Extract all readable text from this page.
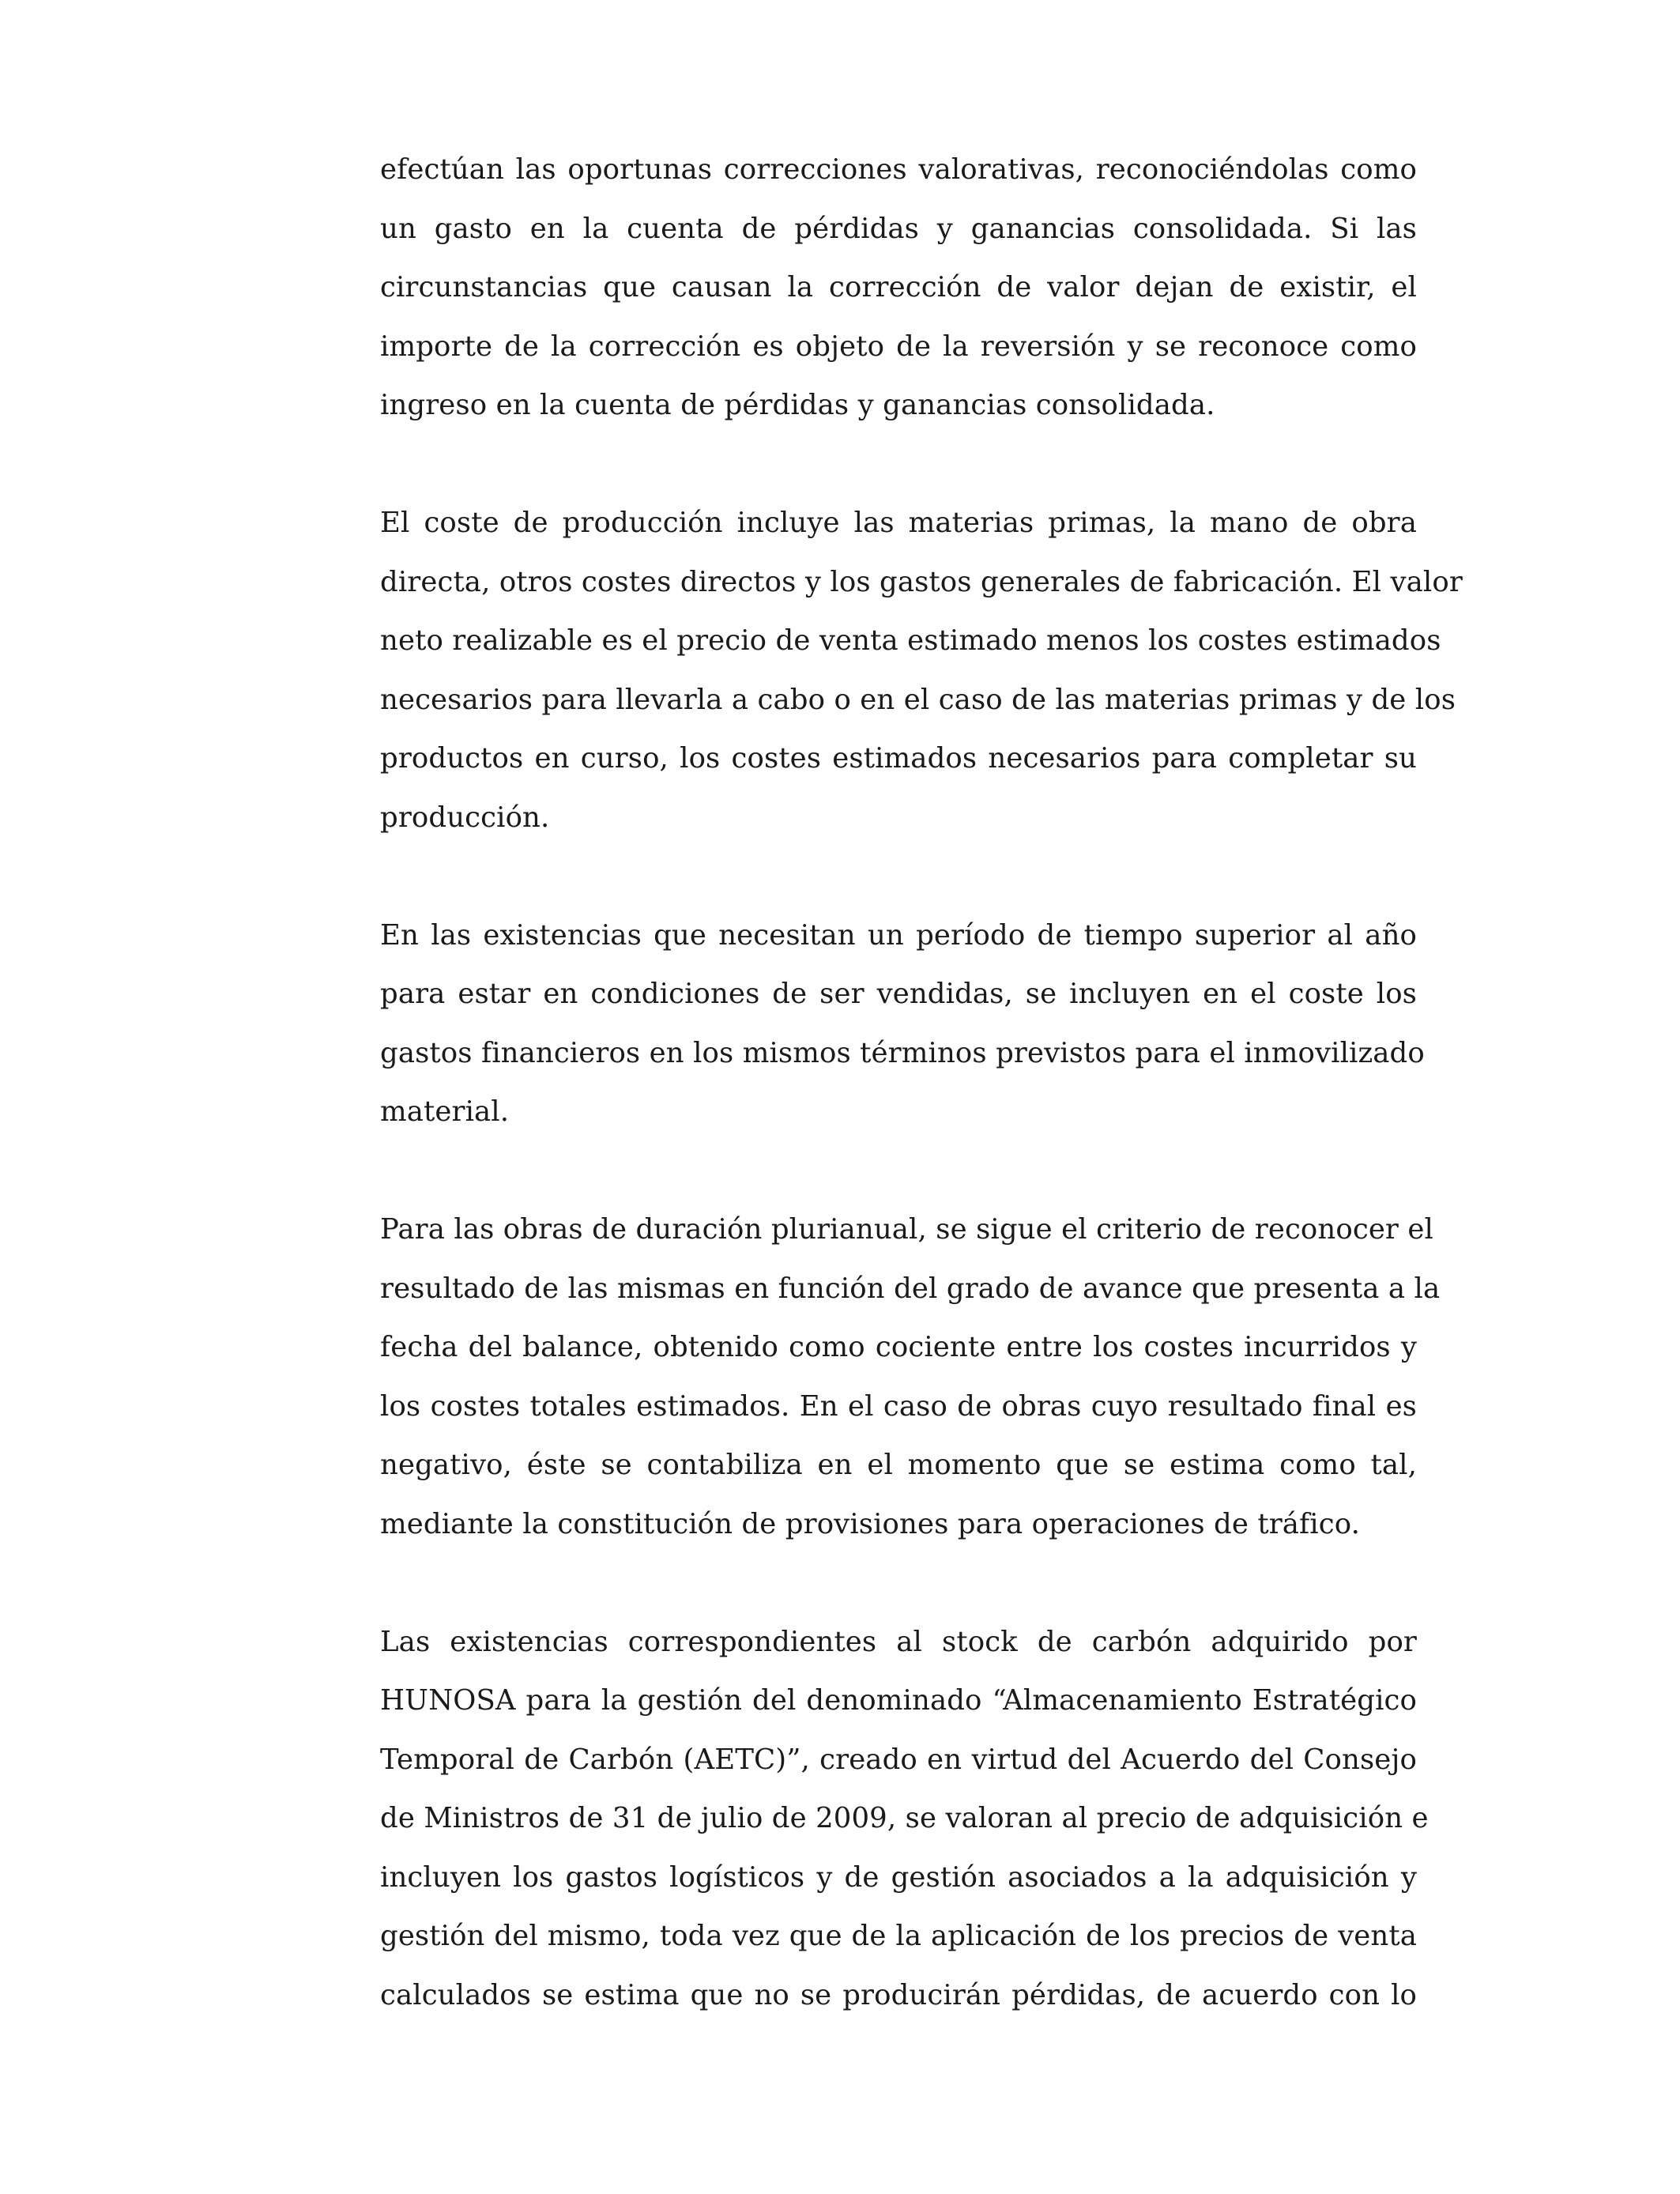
efectúan las oportunas correcciones valorativas, reconociéndolas como
un gasto en la cuenta de pérdidas y ganancias consolidada. Si las
circunstancias que causan la corrección de valor dejan de existir, el
importe de la corrección es objeto de la reversión y se reconoce como
ingreso en la cuenta de pérdidas y ganancias consolidada.

El coste de producción incluye las materias primas, la mano de obra
directa, otros costes directos y los gastos generales de fabricación. El valor
neto realizable es el precio de venta estimado menos los costes estimados
necesarios para llevarla a cabo o en el caso de las materias primas y de los
productos en curso, los costes estimados necesarios para completar su
producción.

En las existencias que necesitan un período de tiempo superior al año
para estar en condiciones de ser vendidas, se incluyen en el coste los
gastos financieros en los mismos términos previstos para el inmovilizado
material.

Para las obras de duración plurianual, se sigue el criterio de reconocer el
resultado de las mismas en función del grado de avance que presenta a la
fecha del balance, obtenido como cociente entre los costes incurridos y
los costes totales estimados. En el caso de obras cuyo resultado final es
negativo, éste se contabiliza en el momento que se estima como tal,
mediante la constitución de provisiones para operaciones de tráfico.

Las existencias correspondientes al stock de carbón adquirido por
HUNOSA para la gestión del denominado “Almacenamiento Estratégico
Temporal de Carbón (AETC)”, creado en virtud del Acuerdo del Consejo
de Ministros de 31 de julio de 2009, se valoran al precio de adquisición e
incluyen los gastos logísticos y de gestión asociados a la adquisición y
gestión del mismo, toda vez que de la aplicación de los precios de venta
calculados se estima que no se producirán pérdidas, de acuerdo con lo
